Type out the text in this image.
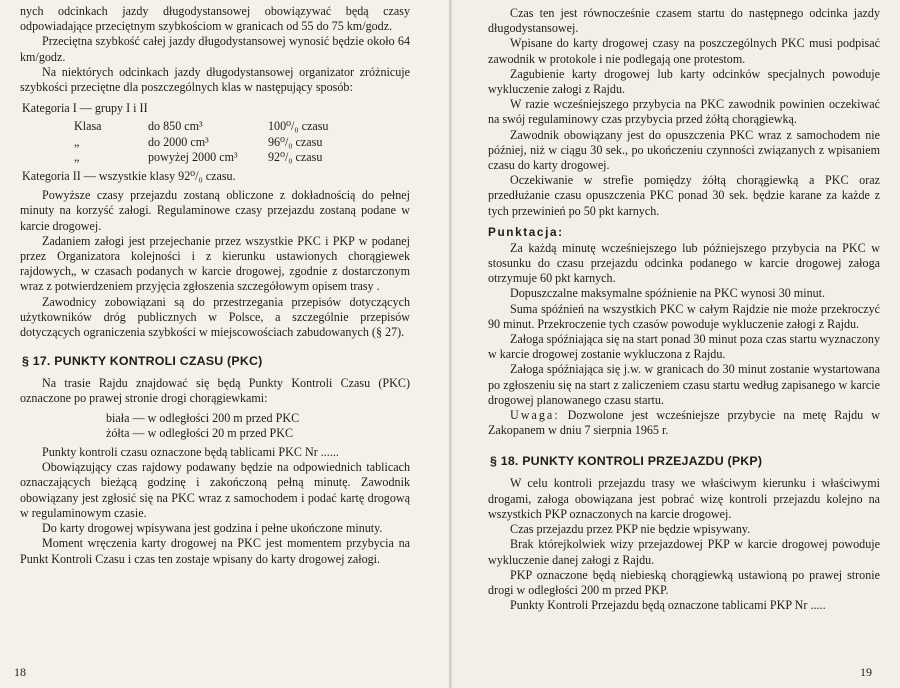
nych odcinkach jazdy długodystansowej obowiązywać będą czasy odpowiadające przeciętnym szybkościom w granicach od 55 do 75 km/godz.

Przeciętna szybkość całej jazdy długodystansowej wynosić będzie około 64 km/godz.

Na niektórych odcinkach jazdy długodystansowej organizator zróżnicuje szybkości przeciętne dla poszczególnych klas w następujący sposób:

Kategoria I — grupy I i II
Klasa	do 850 cm³	100⁰/₀ czasu
„	do 2000 cm³	96⁰/₀ czasu
„	powyżej 2000 cm³	92⁰/₀ czasu
Kategoria II — wszystkie klasy 92⁰/₀ czasu.

Powyższe czasy przejazdu zostaną obliczone z dokładnością do pełnej minuty na korzyść załogi. Regulaminowe czasy przejazdu zostaną podane w karcie drogowej.

Zadaniem załogi jest przejechanie przez wszystkie PKC i PKP w podanej przez Organizatora kolejności i z kierunku ustawionych chorągiewek rajdowych„ w czasach podanych w karcie drogowej, zgodnie z dostarczonym wraz z potwierdzeniem przyjęcia zgłoszenia szczegółowym opisem trasy .

Zawodnicy zobowiązani są do przestrzegania przepisów dotyczących użytkowników dróg publicznych w Polsce, a szczególnie przepisów dotyczących ograniczenia szybkości w miejscowościach zabudowanych (§ 27).

§ 17. PUNKTY KONTROLI CZASU (PKC)

Na trasie Rajdu znajdować się będą Punkty Kontroli Czasu (PKC) oznaczone po prawej stronie drogi chorągiewkami:

biała — w odległości 200 m przed PKC
żółta — w odległości 20 m przed PKC

Punkty kontroli czasu oznaczone będą tablicami PKC Nr ......

Obowiązujący czas rajdowy podawany będzie na odpowiednich tablicach oznaczających bieżącą godzinę i zakończoną pełną minutę. Zawodnik obowiązany jest zgłosić się na PKC wraz z samochodem i podać kartę drogową w regulaminowym czasie.

Do karty drogowej wpisywana jest godzina i pełne ukończone minuty.

Moment wręczenia karty drogowej na PKC jest momentem przybycia na Punkt Kontroli Czasu i czas ten zostaje wpisany do karty drogowej załogi.

18

Czas ten jest równocześnie czasem startu do następnego odcinka jazdy długodystansowej.

Wpisane do karty drogowej czasy na poszczególnych PKC musi podpisać zawodnik w protokole i nie podlegają one protestom.

Zagubienie karty drogowej lub karty odcinków specjalnych powoduje wykluczenie załogi z Rajdu.

W razie wcześniejszego przybycia na PKC zawodnik powinien oczekiwać na swój regulaminowy czas przybycia przed żółtą chorągiewką.

Zawodnik obowiązany jest do opuszczenia PKC wraz z samochodem nie później, niż w ciągu 30 sek., po ukończeniu czynności związanych z wpisaniem czasu do karty drogowej.

Oczekiwanie w strefie pomiędzy żółtą chorągiewką a PKC oraz przedłużanie czasu opuszczenia PKC ponad 30 sek. będzie karane za każde z tych przewinień po 50 pkt karnych.

Punktacja:

Za każdą minutę wcześniejszego lub późniejszego przybycia na PKC w stosunku do czasu przejazdu odcinka podanego w karcie drogowej załoga otrzymuje 60 pkt karnych.

Dopuszczalne maksymalne spóźnienie na PKC wynosi 30 minut.

Suma spóźnień na wszystkich PKC w całym Rajdzie nie może przekroczyć 90 minut. Przekroczenie tych czasów powoduje wykluczenie załogi z Rajdu.

Załoga spóźniająca się na start ponad 30 minut poza czas startu wyznaczony w karcie drogowej zostanie wykluczona z Rajdu.

Załoga spóźniająca się j.w. w granicach do 30 minut zostanie wystartowana po zgłoszeniu się na start z zaliczeniem czasu startu według zapisanego w karcie drogowej planowanego czasu startu.

Uwaga: Dozwolone jest wcześniejsze przybycie na metę Rajdu w Zakopanem w dniu 7 sierpnia 1965 r.

§ 18. PUNKTY KONTROLI PRZEJAZDU (PKP)

W celu kontroli przejazdu trasy we właściwym kierunku i właściwymi drogami, załoga obowiązana jest pobrać wizę kontroli przejazdu kolejno na wszystkich PKP oznaczonych na karcie drogowej.

Czas przejazdu przez PKP nie będzie wpisywany.

Brak którejkolwiek wizy przejazdowej PKP w karcie drogowej powoduje wykluczenie danej załogi z Rajdu.

PKP oznaczone będą niebieską chorągiewką ustawioną po prawej stronie drogi w odległości 200 m przed PKP.

Punkty Kontroli Przejazdu będą oznaczone tablicami PKP Nr .....

19
